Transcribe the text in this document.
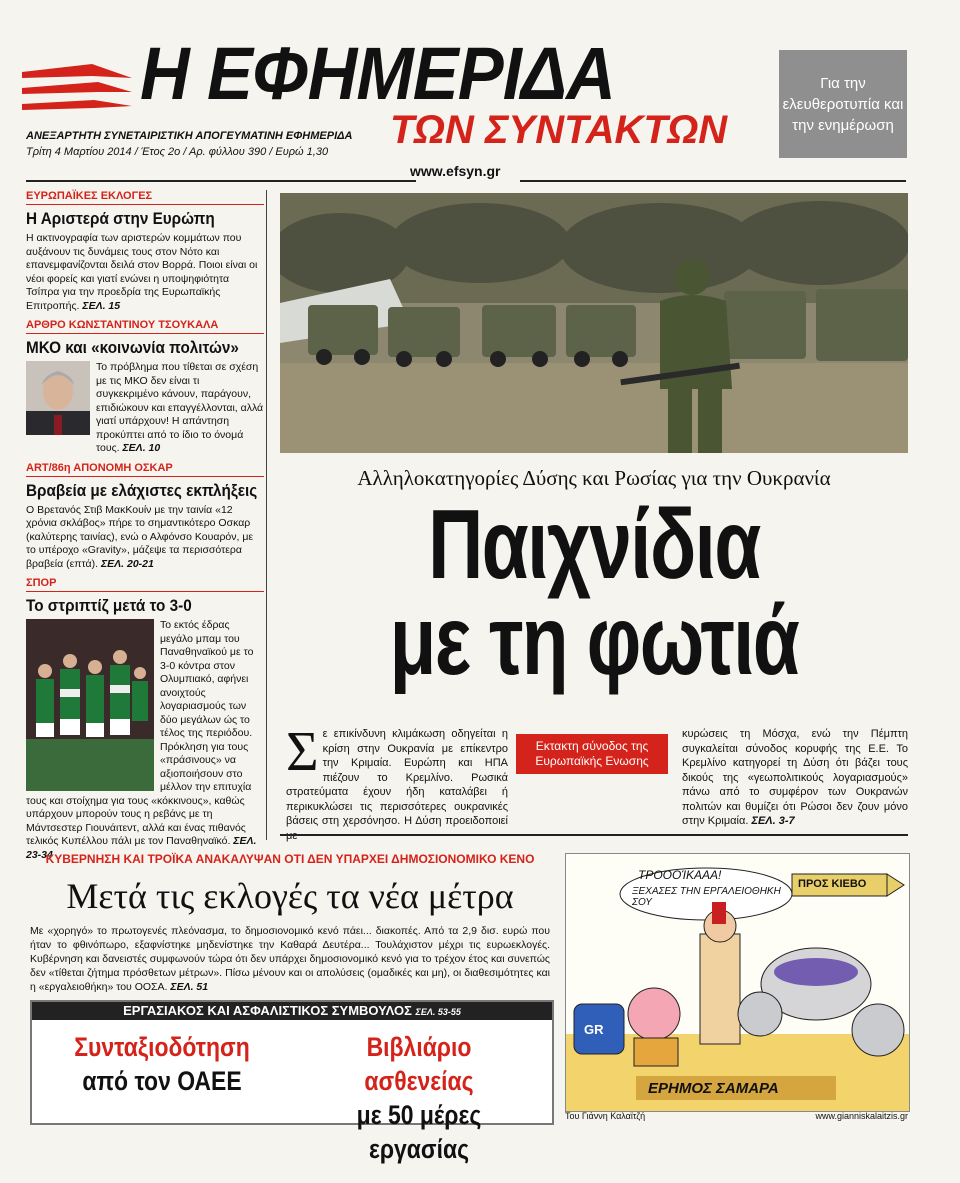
Η ΕΦΗΜΕΡΙΔΑ
ΤΩΝ ΣΥΝΤΑΚΤΩΝ
ΑΝΕΞΑΡΤΗΤΗ ΣΥΝΕΤΑΙΡΙΣΤΙΚΗ ΑΠΟΓΕΥΜΑΤΙΝΗ ΕΦΗΜΕΡΙΔΑ
Τρίτη 4 Μαρτίου 2014 / Έτος 2ο / Αρ. φύλλου 390 / Ευρώ 1,30
www.efsyn.gr
Για την ελευθεροτυπία και την ενημέρωση
ΕΥΡΩΠΑΪΚΕΣ ΕΚΛΟΓΕΣ
Η Αριστερά στην Ευρώπη
Η ακτινογραφία των αριστερών κομμάτων που αυξάνουν τις δυνάμεις τους στον Νότο και επανεμφανίζονται δειλά στον Βορρά. Ποιοι είναι οι νέοι φορείς και γιατί ενώνει η υποψηφιότητα Τσίπρα για την προεδρία της Ευρωπαϊκής Επιτροπής. ΣΕΛ. 15
ΑΡΘΡΟ ΚΩΝΣΤΑΝΤΙΝΟΥ ΤΣΟΥΚΑΛΑ
ΜΚΟ και «κοινωνία πολιτών»
Το πρόβλημα που τίθεται σε σχέση με τις ΜΚΟ δεν είναι τι συγκεκριμένο κάνουν, παράγουν, επιδιώκουν και επαγγέλλονται, αλλά γιατί υπάρχουν! Η απάντηση προκύπτει από το ίδιο το όνομά τους. ΣΕΛ. 10
ART/86η ΑΠΟΝΟΜΗ ΟΣΚΑΡ
Βραβεία με ελάχιστες εκπλήξεις
Ο Βρετανός Στιβ ΜακΚουίν με την ταινία «12 χρόνια σκλάβος» πήρε το σημαντικότερο Οσκαρ (καλύτερης ταινίας), ενώ ο Αλφόνσο Κουαρόν, με το υπέροχο «Gravity», μάζεψε τα περισσότερα βραβεία (επτά). ΣΕΛ. 20-21
ΣΠΟΡ
Το στριπτίζ μετά το 3-0
Το εκτός έδρας μεγάλο μπαμ του Παναθηναϊκού με το 3-0 κόντρα στον Ολυμπιακό, αφήνει ανοιχτούς λογαριασμούς των δύο μεγάλων ώς το τέλος της περιόδου. Πρόκληση για τους «πράσινους» να αξιοποιήσουν στο μέλλον την επιτυχία τους και στοίχημα για τους «κόκκινους», καθώς υπάρχουν μπορούν τους η ρεβάνς με τη Μάντσεστερ Γιουνάιτεντ, αλλά και ένας πιθανός τελικός Κυπέλλου πάλι με τον Παναθηναϊκό. ΣΕΛ. 23-34
Αλληλοκατηγορίες Δύσης και Ρωσίας για την Ουκρανία
Παιχνίδια
με τη φωτιά
Σε επικίνδυνη κλιμάκωση οδηγείται η κρίση στην Ουκρανία με επίκεντρο την Κριμαία. Ευρώπη και ΗΠΑ πιέζουν το Κρεμλίνο. Ρωσικά στρατεύματα έχουν ήδη καταλάβει ή περικυκλώσει τις περισσότερες ουκρανικές βάσεις στη χερσόνησο. Η Δύση προειδοποιεί
Εκτακτη σύνοδος της Ευρωπαϊκής Ενωσης
κυρώσεις τη Μόσχα, ενώ την Πέμπτη συγκαλείται σύνοδος κορυφής της Ε.Ε. Το Κρεμλίνο κατηγορεί τη Δύση ότι βάζει τους δικούς της «γεωπολιτικούς λογαριασμούς» πάνω από το συμφέρον των Ουκρανών πολιτών και θυμίζει ότι Ρώσοι δεν ζουν μόνο στην Κριμαία. ΣΕΛ. 3-7
ΚΥΒΕΡΝΗΣΗ ΚΑΙ ΤΡΟΪΚΑ ΑΝΑΚΑΛΥΨΑΝ ΟΤΙ ΔΕΝ ΥΠΑΡΧΕΙ ΔΗΜΟΣΙΟΝΟΜΙΚΟ ΚΕΝΟ
Μετά τις εκλογές τα νέα μέτρα
Με «χορηγό» το πρωτογενές πλεόνασμα, το δημοσιονομικό κενό πάει... διακοπές. Από τα 2,9 δισ. ευρώ που ήταν το φθινόπωρο, εξαφνίστηκε μηδενίστηκε την Καθαρά Δευτέρα... Τουλάχιστον μέχρι τις ευρωεκλογές. Κυβέρνηση και δανειστές συμφωνούν τώρα ότι δεν υπάρχει δημοσιονομικό κενό για το τρέχον έτος και συνεπώς δεν «τίθεται ζήτημα πρόσθετων μέτρων». Πίσω μένουν και οι απολύσεις (ομαδικές και μη), οι διαθεσιμότητες και η «εργαλειοθήκη» του ΟΟΣΑ. ΣΕΛ. 51
ΕΡΓΑΣΙΑΚΟΣ ΚΑΙ ΑΣΦΑΛΙΣΤΙΚΟΣ ΣΥΜΒΟΥΛΟΣ ΣΕΛ. 53-55
Συνταξιοδότηση
από τον ΟΑΕΕ
Βιβλιάριο ασθενείας
με 50 μέρες εργασίας
ΤΡΟΟΟΊΚΑΑΑ!
ΞΕΧΑΣΕΣ ΤΗΝ ΕΡΓΑΛΕΙΟΘΗΚΗ ΣΟΥ
ΠΡΟΣ ΚΙΕΒΟ
GR
ΕΡΗΜΟΣ ΣΑΜΑΡΑ
Του Γιάννη Καλαϊτζή	www.gianniskalaitzis.gr
